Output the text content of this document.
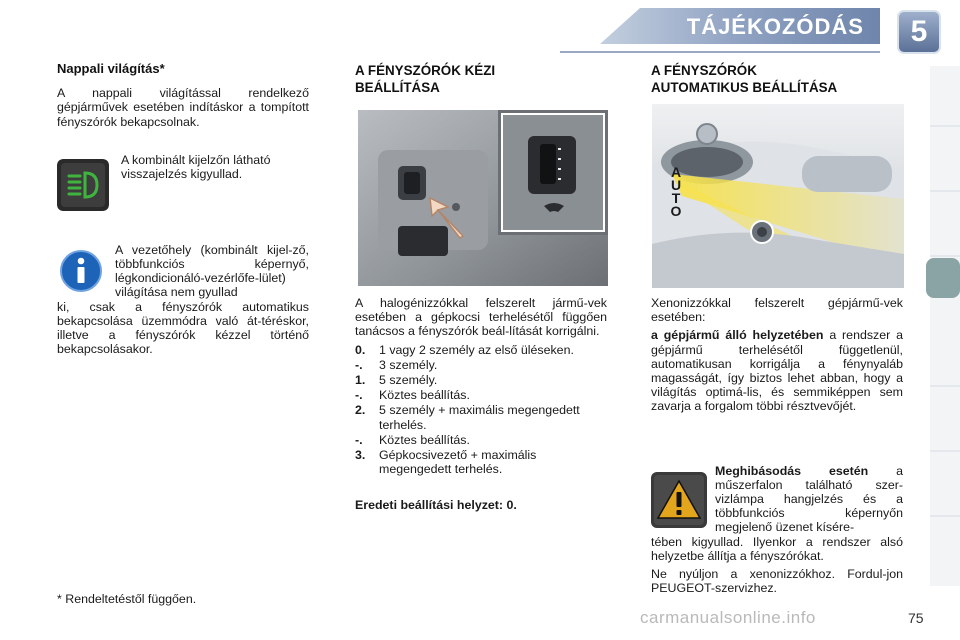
TÁJÉKOZÓDÁS	5
Nappali világítás*

A nappali világítással rendelkező gépjárművek esetében indításkor a tompított fényszórók bekapcsolnak.

A kombinált kijelzőn látható visszajelzés kigyullad.

A vezetőhely (kombinált kijel-ző, többfunkciós képernyő, légkondicionáló-vezérlőfe-lület) világítása nem gyullad

ki, csak a fényszórók automatikus bekapcsolása üzemmódra való át-téréskor, illetve a fényszórók kézzel történő bekapcsolásakor.

A FÉNYSZÓRÓK KÉZI
BEÁLLÍTÁSA

A halogénizzókkal felszerelt jármű-vek esetében a gépkocsi terhelésétől függően tanácsos a fényszórók beál-lítását korrigálni.

0.	1 vagy 2 személy az első üléseken.
-.	3 személy.
1.	5 személy.
-.	Köztes beállítás.
2.	5 személy + maximális megengedett terhelés.
-.	Köztes beállítás.
3.	Gépkocsivezető + maximális megengedett terhelés.

Eredeti beállítási helyzet: 0.

A FÉNYSZÓRÓK
AUTOMATIKUS BEÁLLÍTÁSA
AUTO

Xenonizzókkal felszerelt gépjármű-vek esetében:

a gépjármű álló helyzetében a rendszer a gépjármű terhelésétől függetlenül, automatikusan korrigálja a fénynyaláb magasságát, így biztos lehet abban, hogy a világítás optimá-lis, és semmiképpen sem zavarja a forgalom többi résztvevőjét.

Meghibásodás esetén a műszerfalon található szer-vizlámpa hangjelzés és a többfunkciós képernyőn megjelenő üzenet kísére-

tében kigyullad. Ilyenkor a rendszer alsó helyzetbe állítja a fényszórókat.

Ne nyúljon a xenonizzókhoz. Fordul-jon PEUGEOT-szervizhez.

* Rendeltetéstől függően.
carmanualsonline.info	75
